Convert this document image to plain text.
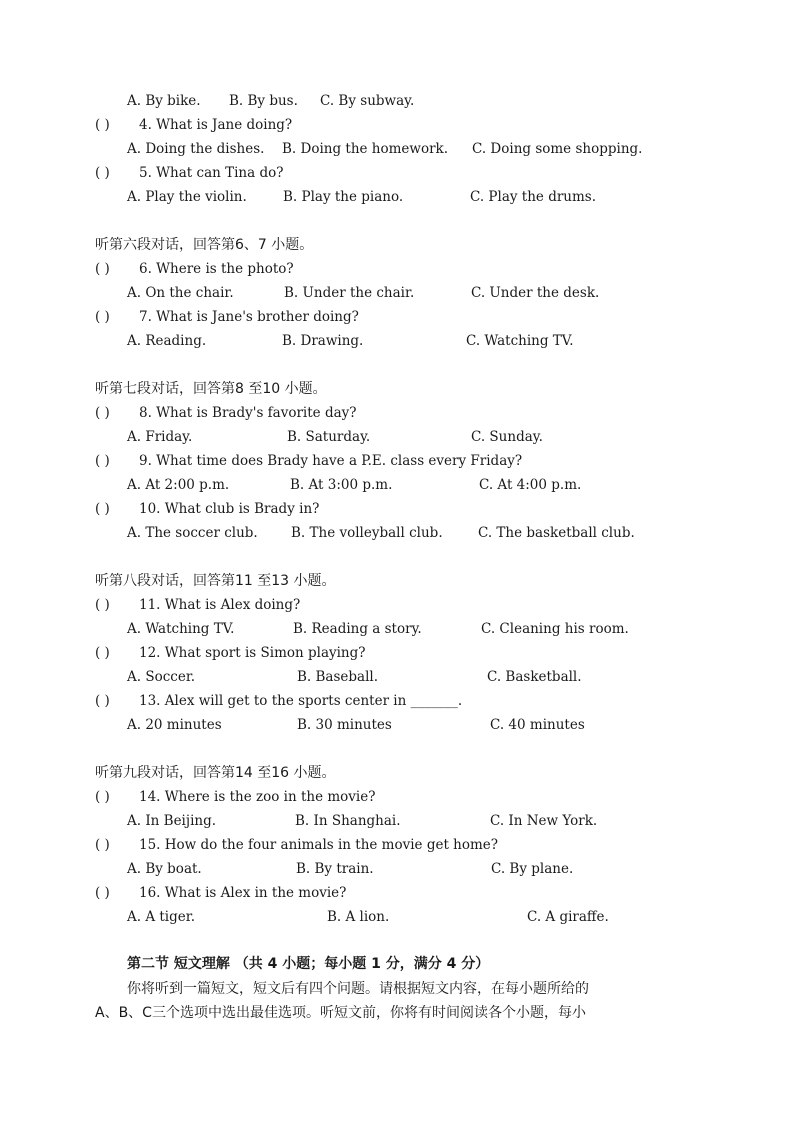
A. By bike. B. By bus. C. By subway.
( ) 4. What is Jane doing?
A. Doing the dishes. B. Doing the homework. C. Doing some shopping.
( ) 5. What can Tina do?
A. Play the violin.	B. Play the piano.	C. Play the drums.
听第六段对话，回答第6、7 小题。
( ) 6. Where is the photo?
A. On the chair.	B. Under the chair.	C. Under the desk.
( ) 7. What is Jane's brother doing?
A. Reading.	B. Drawing.	C. Watching TV.
听第七段对话，回答第8 至10 小题。
( ) 8. What is Brady's favorite day?
A. Friday.	B. Saturday.	C. Sunday.
( ) 9. What time does Brady have a P.E. class every Friday?
A. At 2:00 p.m.	B. At 3:00 p.m.	C. At 4:00 p.m.
( ) 10. What club is Brady in?
A. The soccer club. B. The volleyball club.	C. The basketball club.
听第八段对话，回答第11 至13 小题。
( ) 11. What is Alex doing?
A. Watching TV.	B. Reading a story.	C. Cleaning his room.
( ) 12. What sport is Simon playing?
A. Soccer.	B. Baseball.	C. Basketball.
( ) 13. Alex will get to the sports center in _______.
A. 20 minutes	B. 30 minutes	C. 40 minutes
听第九段对话，回答第14 至16 小题。
( ) 14. Where is the zoo in the movie?
A. In Beijing.	B. In Shanghai.	C. In New York.
( ) 15. How do the four animals in the movie get home?
A. By boat.	B. By train.	C. By plane.
( ) 16. What is Alex in the movie?
A. A tiger.	B. A lion.	C. A giraffe.
第二节 短文理解 （共 4 小题；每小题 1 分，满分 4 分）
你将听到一篇短文，短文后有四个问题。请根据短文内容，在每小题所给的
A、B、C三个选项中选出最佳选项。听短文前，你将有时间阅读各个小题，每小
